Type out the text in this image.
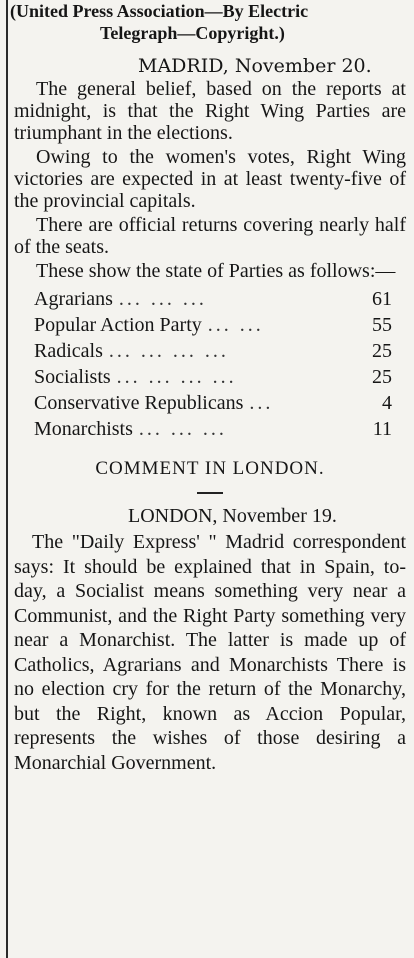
(United Press Association—By Electric
Telegraph—Copyright.)
MADRID, November 20.

The general belief, based on the reports at midnight, is that the Right Wing Parties are triumphant in the elections.

Owing to the women's votes, Right Wing victories are expected in at least twenty-five of the provincial capitals.

There are official returns covering nearly half of the seats.

These show the state of Parties as follows:—

Agrarians ... ... ...	61
Popular Action Party ... ...	55
Radicals ... ... ... ...	25
Socialists ... ... ... ...	25
Conservative Republicans ...	4
Monarchists ... ... ...	11
COMMENT IN LONDON.
LONDON, November 19.

The "Daily Express' " Madrid correspondent says: It should be explained that in Spain, to-day, a Socialist means something very near a Communist, and the Right Party something very near a Monarchist. The latter is made up of Catholics, Agrarians and Monarchists There is no election cry for the return of the Monarchy, but the Right, known as Accion Popular, represents the wishes of those desiring a Monarchial Government.
